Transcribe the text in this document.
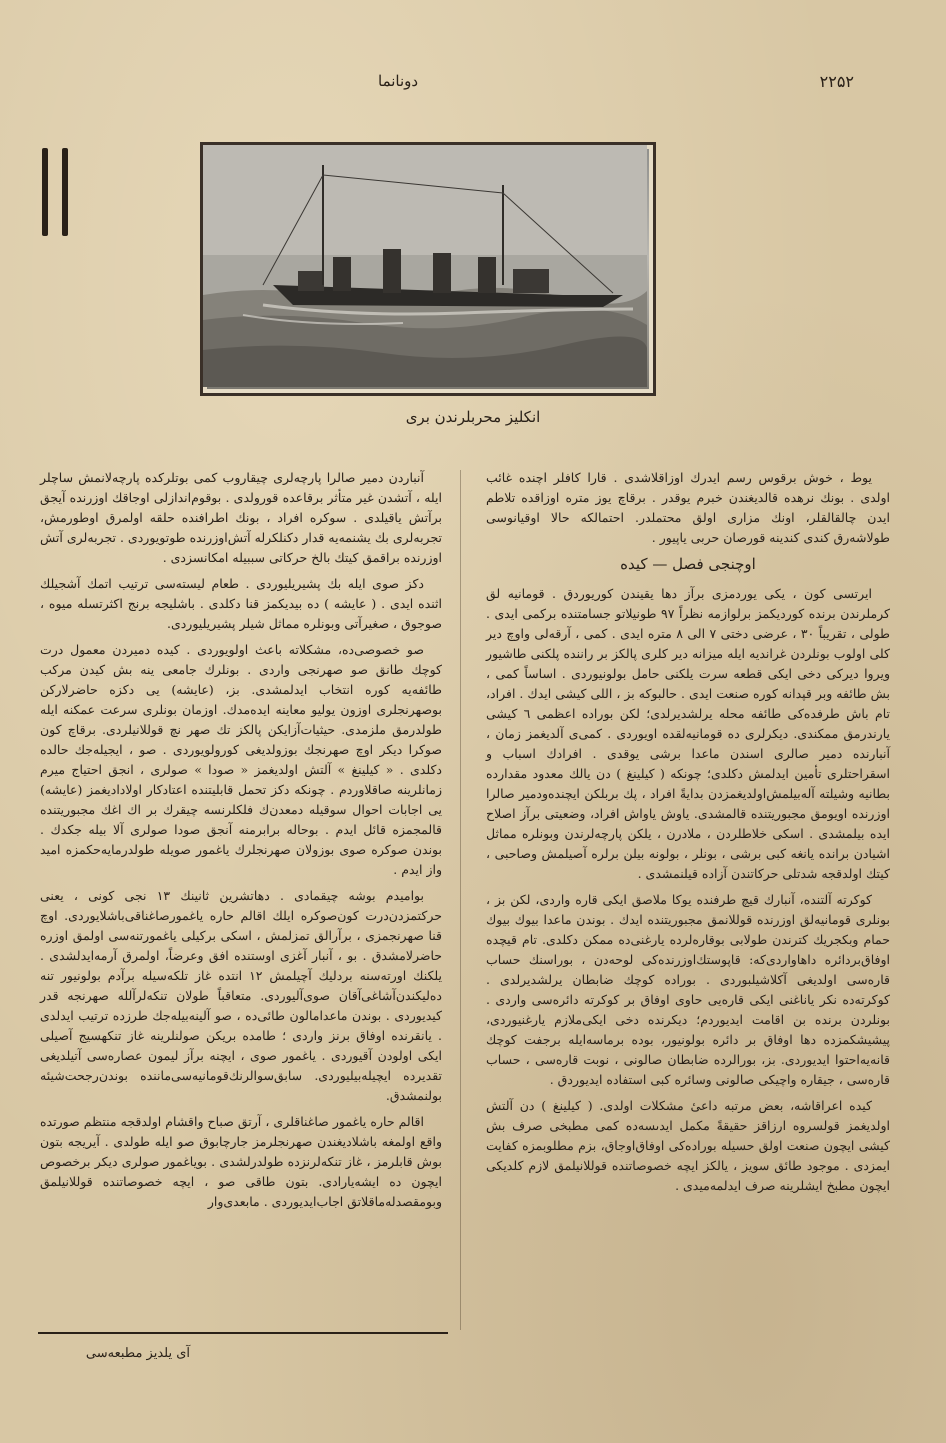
۲۲۵۲
دونانما
انكليز محربلرندن برى

يوط ، خوش برقوس رسم ايدرك اوزاقلاشدى . قارا كافلر اچنده غائب اولدى . بونك نرهده قالديغندن خبرم يوقدر . برقاچ يوز متره اوزاقده تلاطم ايدن چالقالقلر، اونك مزارى اولق محتملدر. احتمالكه حالا اوقيانوسى طولاشه‌رق كندى كندينه قورصان حربى ياپيور .

اوچنجى فصل — كيده

ايرتسى كون ، يكى يوردمزى برآز دها يقيندن كوريوردق . قومانيه لق كرملرندن برنده كورديكمز برلوازمه نظراً ٩٧ طونيلاتو جسامتنده بركمى ايدى . طولى ، تقريباً ٣٠ ، عرضى دختى ٧ الى ٨ متره ايدى . كمى ، آرقه‌لى واوچ دير كلى اولوب بونلردن غرانديه ايله ميزانه دير كلرى پالكز بر راننده پلكنى طاشيور ويروا ديركى دخى ايكى قطعه سرت يلكنى حامل بولونيوردى . اساساً كمى ، بش طائفه وبر قپدانه كوره صنعت ايدى . حالبوكه بز ، اللى كيشى ايدك . افراد، تام باش طرفده‌كى طائفه محله يرلشديرلدى؛ لكن بوراده اعظمى ٦ كيشى يارندرمق ممكندى. ديكرلرى ده قومانيه‌لقده اويوردى . كمى‌ى آلديغمز زمان ، آنبارنده دمير صالرى اسندن ماعدا برشى يوقدى . افرادك اسباب و اسقراحتلرى تأمين ايدلمش دكلدى؛ چونكه ( كيلينغ ) دن يالك معدود مقدارده بطانيه وشيلته آله‌بيلمش‌اولديغمزدن بدايةً افراد ، پك بربلكن ايچنده‌ودمير صالرا اوزرنده اويومق مجبوريتنده قالمشدى. ياوش ياواش افراد، وضعيتى برآز اصلاح ايده بيلمشدى . اسكى خلاطلردن ، ملادرن ، يلكن پارچه‌لرندن وبونلره مماثل اشيادن برانده يانغه كبى برشى ، بونلر ، بولونه بيلن برلره آصيلمش وصاحبى ، كيتك اولدقجه شدتلى حركاتندن آزاده قيلنمشدى .

كوكرته آلتنده، آنبارك قيچ طرفنده يوكا ملاصق ايكى قاره واردى، لكن بز ، بونلرى قومانيه‌لق اوزرنده قوللانمق مجبوريتنده ايدك . بوندن ماعدا بيوك بيوك حمام وبكجريك كترندن طولابى بوقاره‌لرده يارغنى‌ده ممكن دكلدى. تام قيچده اوفاق‌بردائره داها‌واردى‌كه: قاپوستك‌اوزرنده‌كى لوحه‌دن ، بوراسنك حساب قاره‌سى اولديغى آكلاشيلبوردى . بوراده كوچك ضابطان يرلشديرلدى . كوكرته‌ده نكر ياناغنى ايكى قاره‌يى حاوى اوفاق بر كوكرته دائره‌سى واردى . بونلردن برنده بن اقامت ايديوردم؛ ديكرنده دخى ايكى‌ملازم يارغنيوردى، پيشيشكمزده دها اوفاق بر دائره بولونيور، بوده برماسه‌ايله برجفت كوچك قانه‌يه‌احتوا ايديوردى. بز، بورالرده ضابطان صالونى ، نوبت قاره‌سى ، حساب قاره‌سى ، جيقاره واچيكى صالونى وسائره كبى استفاده ايديوردق .

كيده اعراقاشه، بعض مرتبه داعیٔ مشكلات اولدى. ( كيلينغ ) دن آلتش اولديغمز قولسروه ارزاقز حقيقةً مكمل ايدىسه‌ده كمى مطبخى صرف بش كيشى ايچون صنعت اولق حسيله بوراده‌كى اوفاق‌اوجاق، بزم مطلوبمزه كفايت ايمزدى . موجود طائق سويز ، يالكز ايچه خصوصاتنده قوللانيلمق لازم كلديكى ايچون مطبخ ايشلرينه صرف ايدلمه‌ميدى .

آنباردن دمير صالرا پارچه‌لرى چيقاروب كمى بوتلركده پارچه‌لانمش ساچلر ايله ، آتشدن غير متأثر برقاعده قورولدى . بوقوم‌اندازلى اوجاقك اوزرنده آيجق برآتش ياقيلدى . سوكره افراد ، بونك اطرافنده حلقه اولمرق اوطورمش، تجربه‌لرى بك يشنمه‌يه قدار دكنلكرله آتش‌اوزرنده طوتويوردى . تجربه‌لرى آتش اوزرنده براقمق كيتك بالخ حركاتى سببيله امكانسزدى .

دكز صوى ايله بك پشيريليوردى . طعام ليسته‌سى ترتيب اتمك آشجيلك اثنده ايدى . ( عايشه ) ده بيديكمز قنا دكلدى . باشليجه برنج اكثرتسله ميوه ، صوجوق ، صغيرآتى وبونلره مماثل شيلر پشيريليوردى.

صو خصوصى‌ده، مشكلاته باعث اولويوردى . كيده دميردن معمول درت كوچك طانق صو صهرنجى واردى . بونلرك جامعى ينه بش كيدن مركب طائفه‌يه كوره انتخاب ايدلمشدى. بز، (عايشه) يى دكزه حاضرلاركن بوصهرنجلرى اوزون يوليو معاينه ايده‌مدك. اوزمان بونلرى سرعت عمكنه ايله طولدرمق ملزمدى. حيثيات‌آزايكن پالكز تك صهر نچ قوللانيلردى. برقاچ كون صوكرا ديكر اوچ صهرنجك بوزولديغى كورولويوردى . صو ، ايجيله‌جك حالده دكلدى . « كيلينغ » آلتش اولديغمز « صودا » صولرى ، انجق احتياج ميرم زمانلرينه صاقلاوردم . چونكه دكز تحمل قابليتنده اعتادكار اولاداديغمز (عايشه) يى اجابات احوال سوقيله دمعدن‌ك فلكلرنسه چيقرك بر اك اغك مجبوريتنده قالمجمزه قائل ايدم . بوحاله برابرمنه آنجق صودا صولرى آلا بيله جكدك . بوندن صوكره صوى بوزولان صهرنجلرك ياغمور صويله طولدرمايه‌حكمزه اميد واز ايدم .

بواميدم بوشه چيقمادى . دهاتشرين ثانينك ١٣ نجى كونى ، يعنى حركتمزدن‌درت كون‌صوكره ايلك اقالم حاره ياغمورصاغناقى‌باشلايوردى. اوچ قنا صهرنجمزى ، برآرالق تمزلمش ، اسكى بركيلى ياغمورتنه‌سى اولمق اوزره حاضرلامشدق . بو ، آنبار آغزى اوستنده افق وعرضاً، اولمرق آرمه‌ايدلشدى . يلكنك اورته‌سنه بردليك آچيلمش ۱۲ انتده غاز تلكه‌سيله برآدم بولونيور تنه‌ ده‌ليكندن‌آشاغى‌آقان صوى‌آليوردى. متعاقباً طولان تنكه‌لر‌آلله صهرنجه قدر كيديوردى . بوندن ماعدا‌مالون طائى‌ده ، صو آلينه‌بيله‌جك طرزده ترتيب ايدلدى . يانقرنده اوفاق برنز واردى ؛ طامده بريكن صولنلرينه غاز تنكهسيج آصيلى ايكى اولودن آقيوردى . ياغمور صوى ، ايچنه برآز ليمون عصاره‌سى آتيلديغى تقديرده ايچيله‌بيليوردى. سابق‌سوالرنك‌قومانيه‌سى‌مانند‌ه بوندن‌رجحت‌شيئه بولنمشدق.

اقالم حاره ياغمور صاغنا‌قلرى ، آرتق صباح واقشام اولدقجه منتظم صورتده واقع اولمغه باشلاديغندن صهرنجلرمز جارچابوق صو ايله طولدى . آيريجه بتون بوش قابلرمز ، غاز تنكه‌لرنزده طولدرلشدى . بوياغمور صولرى ديكر برخصوص ايچون ده ايشه‌يارادى. بتون طاقى صو ، ايچه خصوصاتنده قوللانيلمق وبومقصدله‌ماقلاتق اجاب‌ايديوردى . مابعدى‌وار

آى يلديز مطبعه‌سى
